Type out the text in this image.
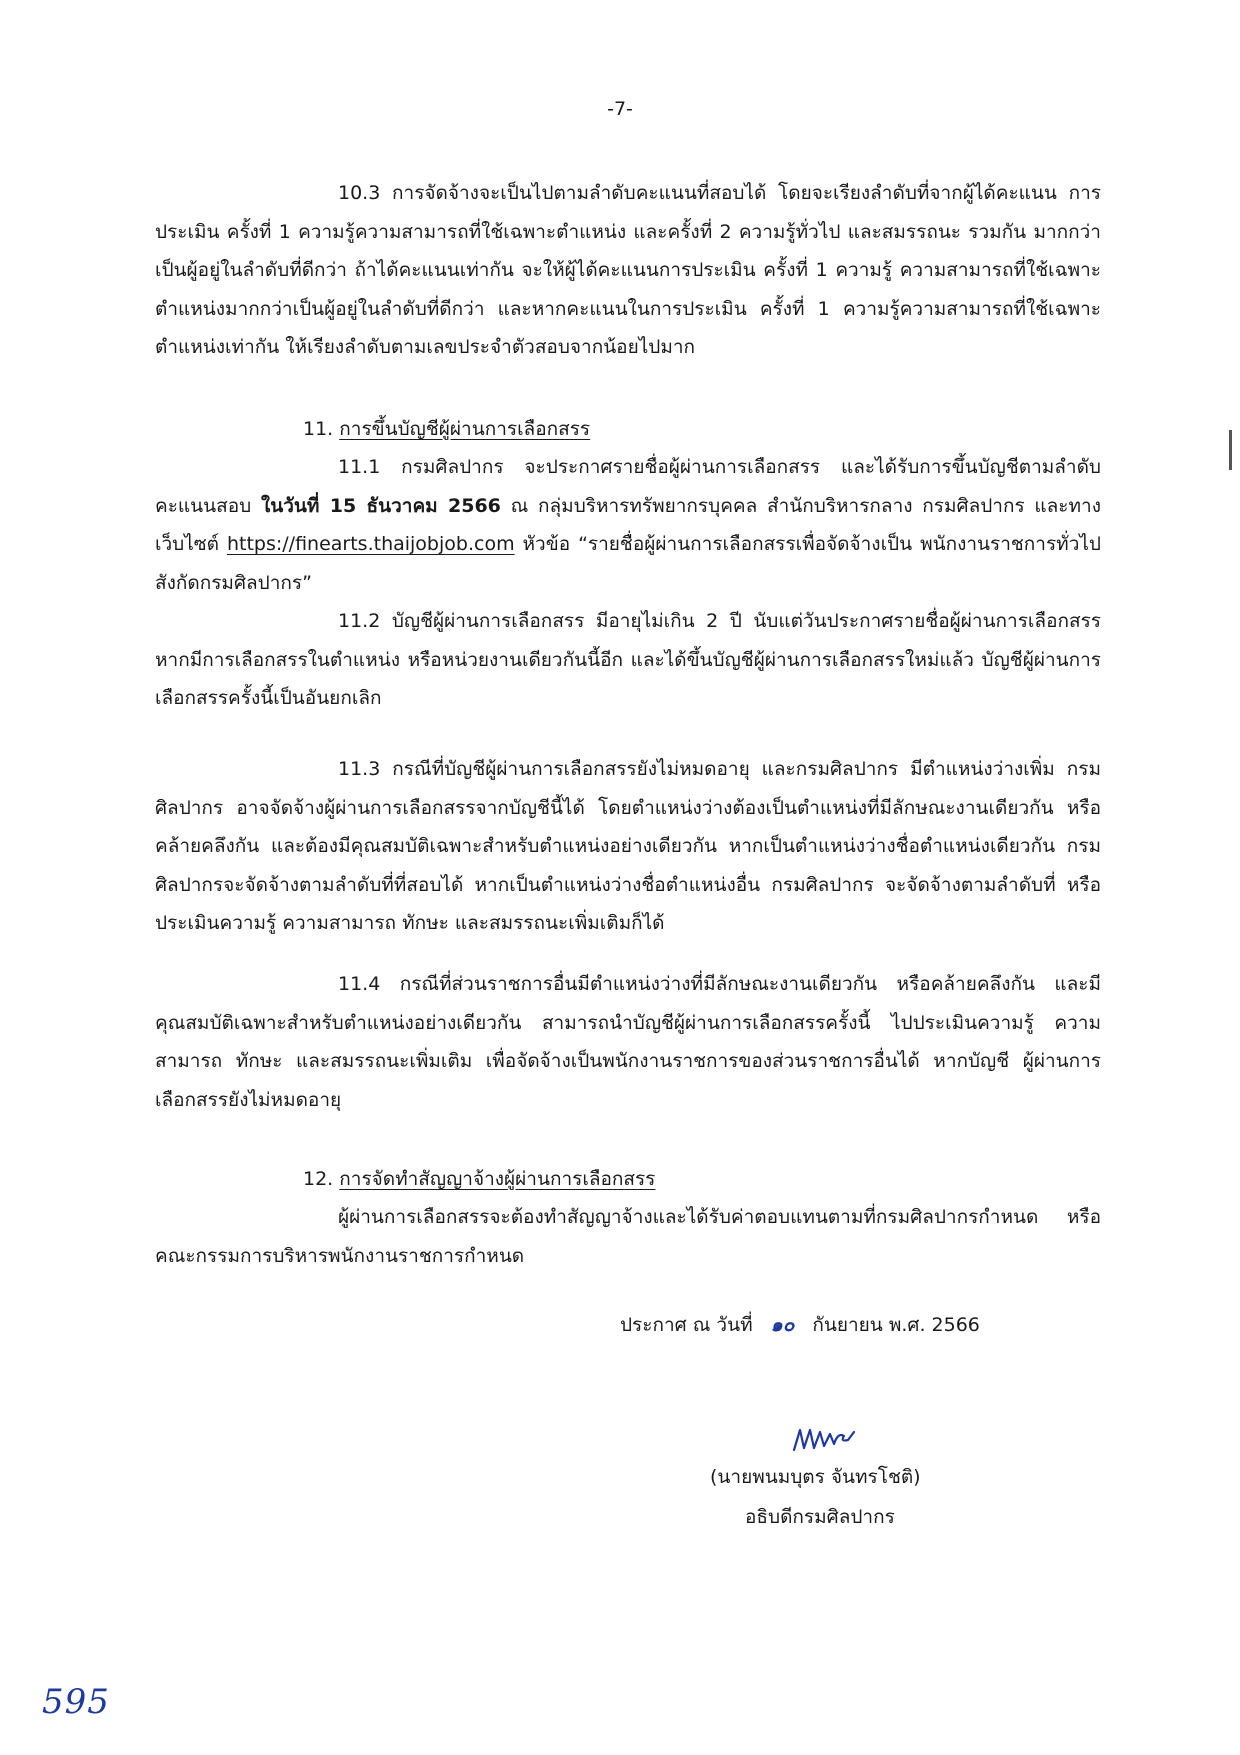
-7-

10.3 การจัดจ้างจะเป็นไปตามลำดับคะแนนที่สอบได้ โดยจะเรียงลำดับที่จากผู้ได้คะแนน การประเมิน ครั้งที่ 1 ความรู้ความสามารถที่ใช้เฉพาะตำแหน่ง และครั้งที่ 2 ความรู้ทั่วไป และสมรรถนะ รวมกัน มากกว่าเป็นผู้อยู่ในลำดับที่ดีกว่า ถ้าได้คะแนนเท่ากัน จะให้ผู้ได้คะแนนการประเมิน ครั้งที่ 1 ความรู้ ความสามารถที่ใช้เฉพาะตำแหน่งมากกว่าเป็นผู้อยู่ในลำดับที่ดีกว่า และหากคะแนนในการประเมิน ครั้งที่ 1 ความรู้ความสามารถที่ใช้เฉพาะตำแหน่งเท่ากัน ให้เรียงลำดับตามเลขประจำตัวสอบจากน้อยไปมาก

11. การขึ้นบัญชีผู้ผ่านการเลือกสรร

11.1 กรมศิลปากร จะประกาศรายชื่อผู้ผ่านการเลือกสรร และได้รับการขึ้นบัญชีตามลำดับ คะแนนสอบ ในวันที่ 15 ธันวาคม 2566 ณ กลุ่มบริหารทรัพยากรบุคคล สำนักบริหารกลาง กรมศิลปากร และทางเว็บไซต์ https://finearts.thaijobjob.com หัวข้อ “รายชื่อผู้ผ่านการเลือกสรรเพื่อจัดจ้างเป็น พนักงานราชการทั่วไป สังกัดกรมศิลปากร”

11.2 บัญชีผู้ผ่านการเลือกสรร มีอายุไม่เกิน 2 ปี นับแต่วันประกาศรายชื่อผู้ผ่านการเลือกสรร หากมีการเลือกสรรในตำแหน่ง หรือหน่วยงานเดียวกันนี้อีก และได้ขึ้นบัญชีผู้ผ่านการเลือกสรรใหม่แล้ว บัญชีผู้ผ่านการเลือกสรรครั้งนี้เป็นอันยกเลิก

11.3 กรณีที่บัญชีผู้ผ่านการเลือกสรรยังไม่หมดอายุ และกรมศิลปากร มีตำแหน่งว่างเพิ่ม กรมศิลปากร อาจจัดจ้างผู้ผ่านการเลือกสรรจากบัญชีนี้ได้ โดยตำแหน่งว่างต้องเป็นตำแหน่งที่มีลักษณะงานเดียวกัน หรือคล้ายคลึงกัน และต้องมีคุณสมบัติเฉพาะสำหรับตำแหน่งอย่างเดียวกัน หากเป็นตำแหน่งว่างชื่อตำแหน่งเดียวกัน กรมศิลปากรจะจัดจ้างตามลำดับที่ที่สอบได้ หากเป็นตำแหน่งว่างชื่อตำแหน่งอื่น กรมศิลปากร จะจัดจ้างตามลำดับที่ หรือประเมินความรู้ ความสามารถ ทักษะ และสมรรถนะเพิ่มเติมก็ได้

11.4 กรณีที่ส่วนราชการอื่นมีตำแหน่งว่างที่มีลักษณะงานเดียวกัน หรือคล้ายคลึงกัน และมีคุณสมบัติเฉพาะสำหรับตำแหน่งอย่างเดียวกัน สามารถนำบัญชีผู้ผ่านการเลือกสรรครั้งนี้ ไปประเมินความรู้ ความสามารถ ทักษะ และสมรรถนะเพิ่มเติม เพื่อจัดจ้างเป็นพนักงานราชการของส่วนราชการอื่นได้ หากบัญชี ผู้ผ่านการเลือกสรรยังไม่หมดอายุ

12. การจัดทำสัญญาจ้างผู้ผ่านการเลือกสรร

ผู้ผ่านการเลือกสรรจะต้องทำสัญญาจ้างและได้รับค่าตอบแทนตามที่กรมศิลปากรกำหนด หรือคณะกรรมการบริหารพนักงานราชการกำหนด

ประกาศ ณ วันที่ ๑๐ กันยายน พ.ศ. 2566
(นายพนมบุตร จันทรโชติ)
อธิบดีกรมศิลปากร
595
